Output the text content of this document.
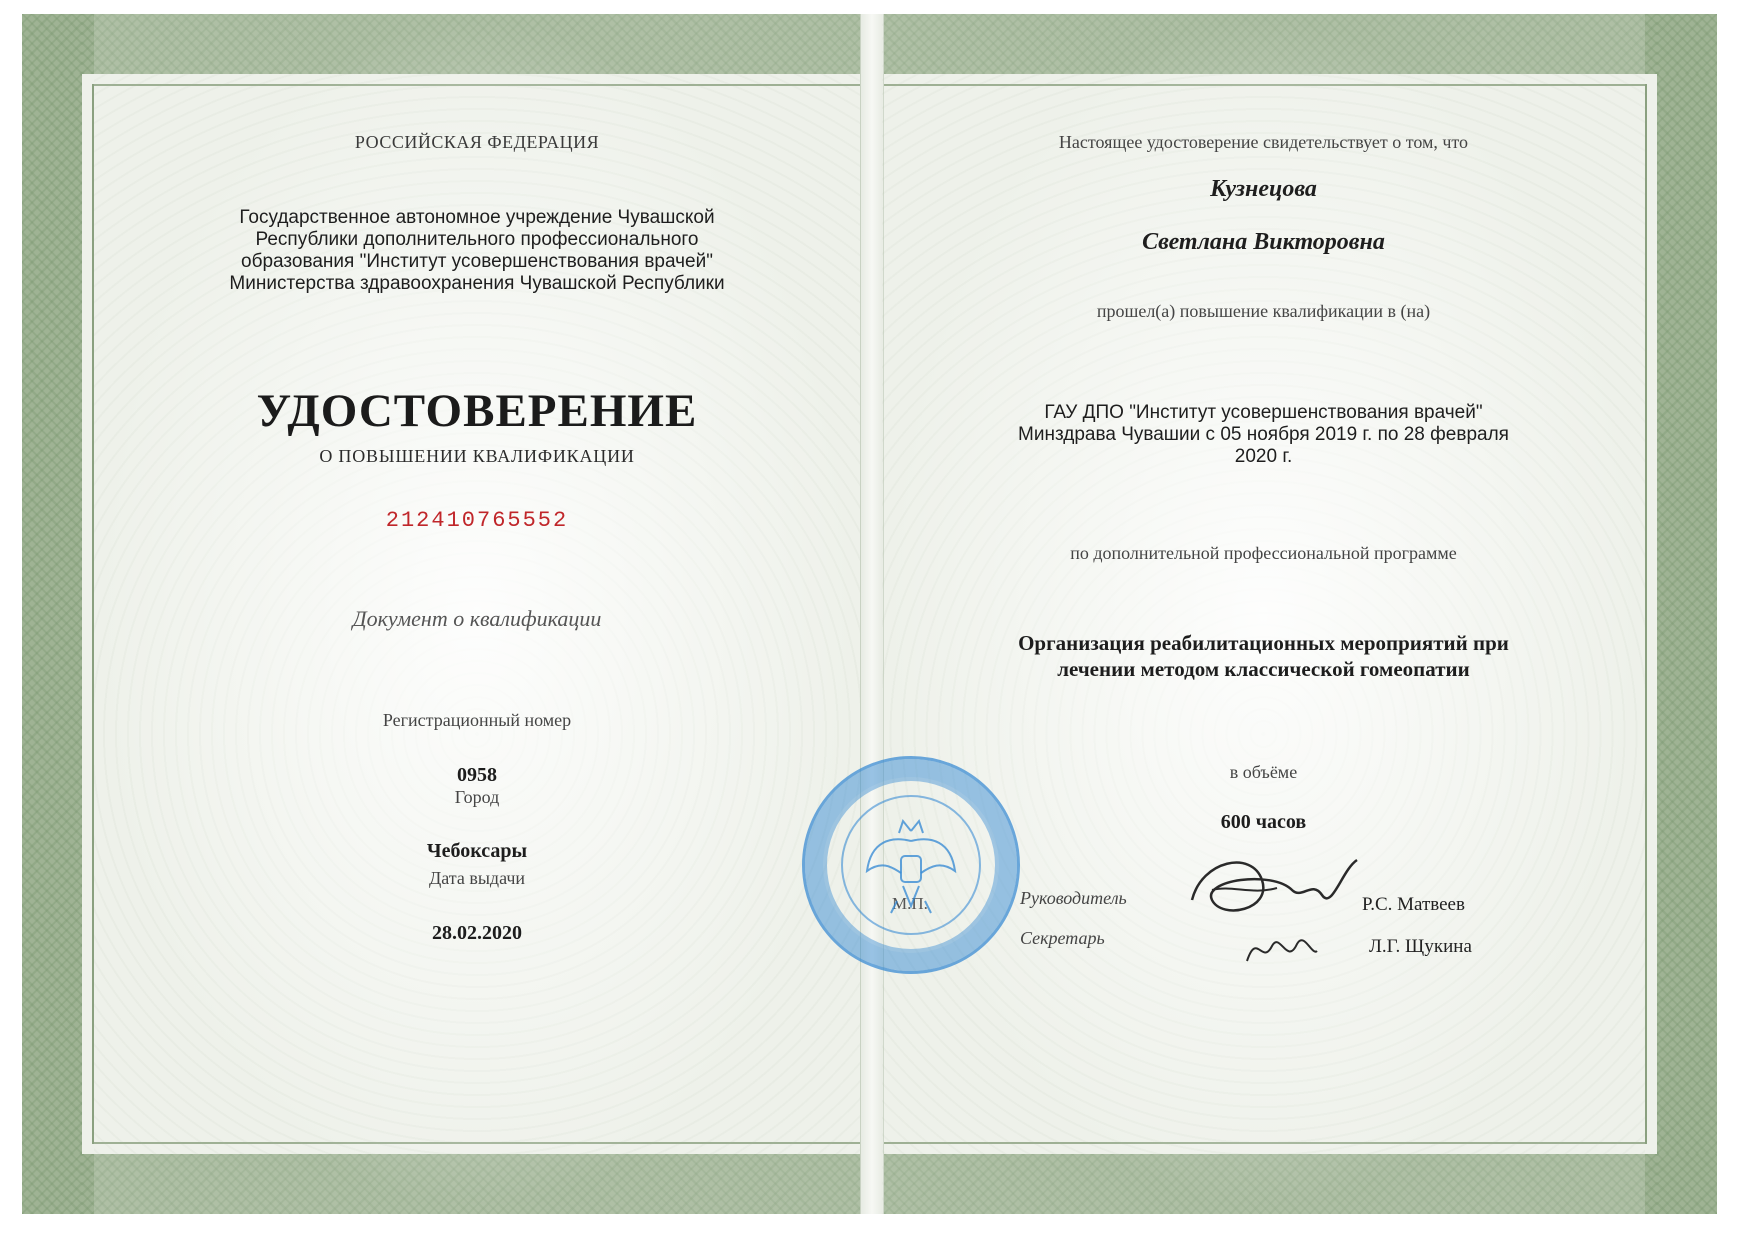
РОССИЙСКАЯ ФЕДЕРАЦИЯ
Государственное автономное учреждение Чувашской
Республики дополнительного профессионального
образования "Институт усовершенствования врачей"
Министерства здравоохранения Чувашской Республики
УДОСТОВЕРЕНИЕ
О ПОВЫШЕНИИ КВАЛИФИКАЦИИ
212410765552
Документ о квалификации
Регистрационный номер
0958
Город
Чебоксары
Дата выдачи
28.02.2020
Настоящее удостоверение свидетельствует о том, что
Кузнецова
Светлана Викторовна
прошел(а) повышение квалификации в (на)
ГАУ ДПО "Институт усовершенствования врачей"
Минздрава Чувашии с 05 ноября 2019 г. по 28 февраля
2020 г.
по дополнительной профессиональной программе
Организация реабилитационных мероприятий при
лечении методом классической гомеопатии
в объёме
600 часов
М.П.	Руководитель
Секретарь
Р.С. Матвеев
Л.Г. Щукина
